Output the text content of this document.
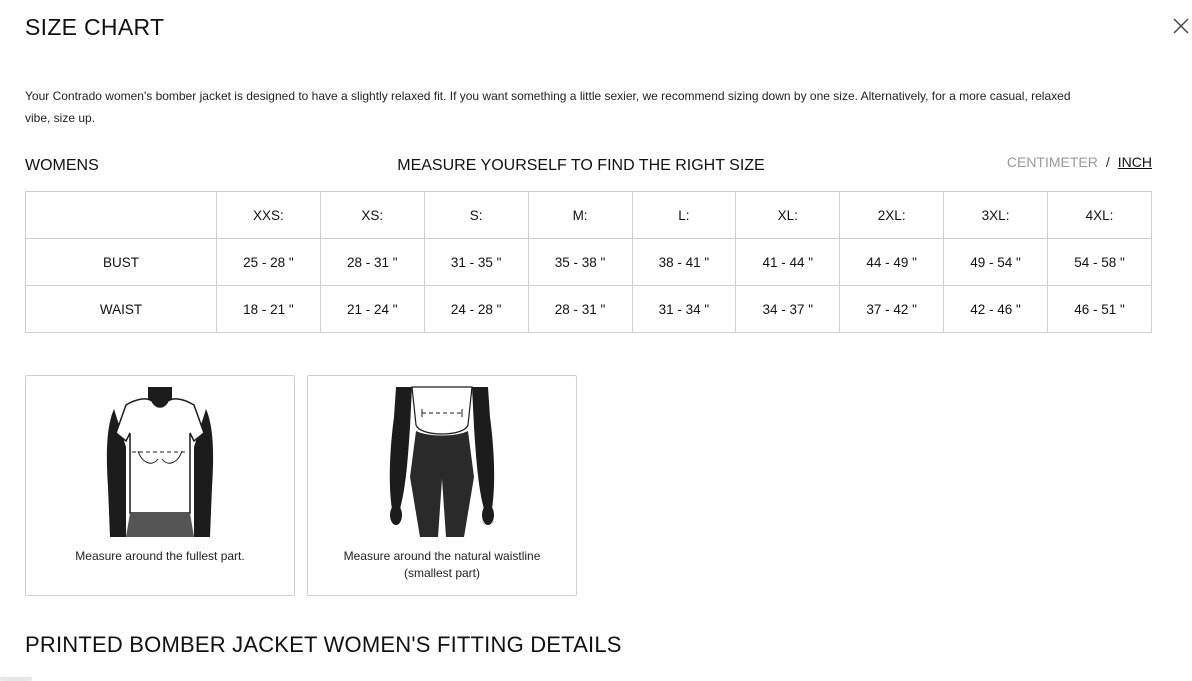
SIZE CHART
Your Contrado women's bomber jacket is designed to have a slightly relaxed fit. If you want something a little sexier, we recommend sizing down by one size. Alternatively, for a more casual, relaxed
vibe, size up.
WOMENS	MEASURE YOURSELF TO FIND THE RIGHT SIZE	CENTIMETER / INCH
	XXS:	XS:	S:	M:	L:	XL:	2XL:	3XL:	4XL:
BUST	25 - 28 "	28 - 31 "	31 - 35 "	35 - 38 "	38 - 41 "	41 - 44 "	44 - 49 "	49 - 54 "	54 - 58 "
WAIST	18 - 21 "	21 - 24 "	24 - 28 "	28 - 31 "	31 - 34 "	34 - 37 "	37 - 42 "	42 - 46 "	46 - 51 "
Measure around the fullest part.	Measure around the natural waistline (smallest part)
PRINTED BOMBER JACKET WOMEN'S FITTING DETAILS
